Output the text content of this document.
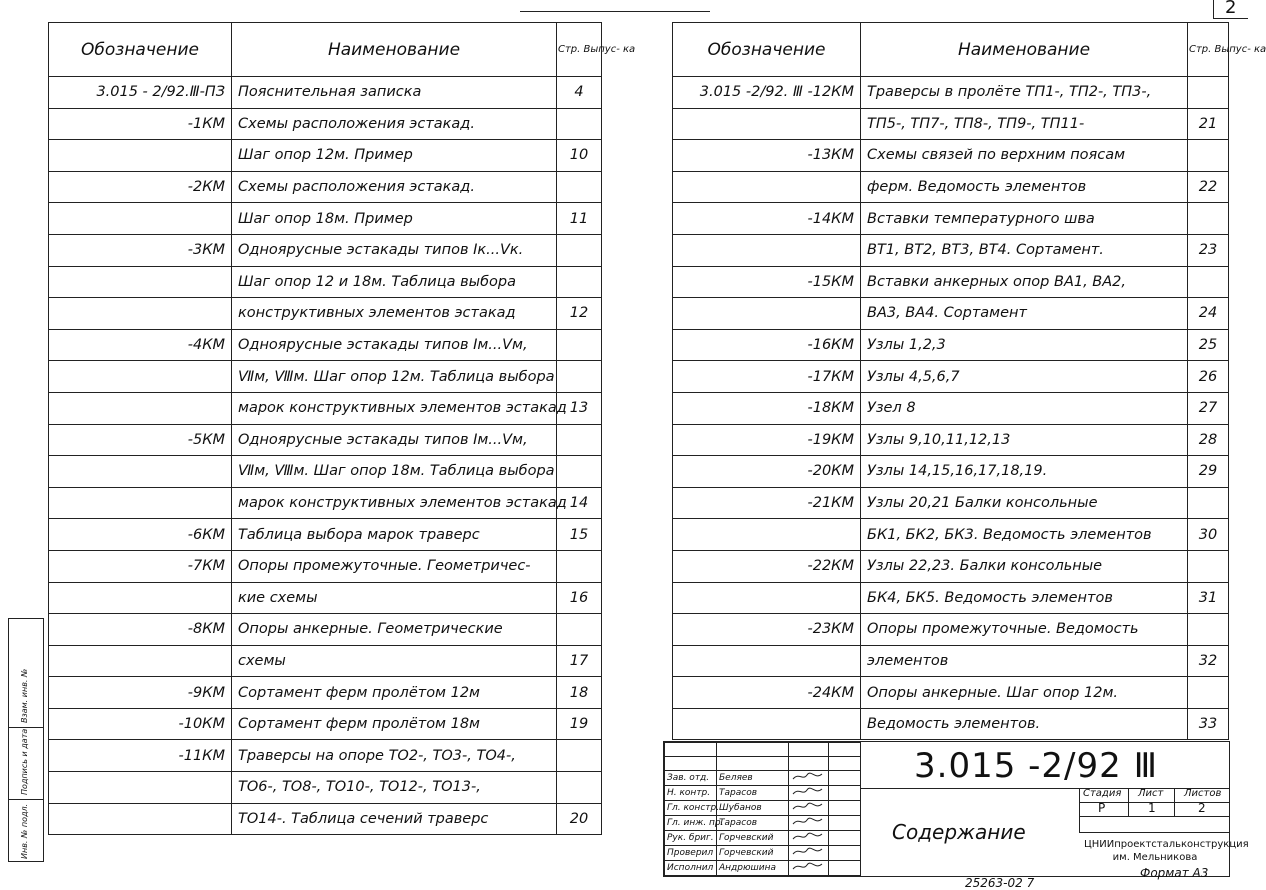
2
Обозначение	Наименование	Стр. Выпус- ка
3.015 - 2/92.Ⅲ-ПЗ	Пояснительная записка	4
-1КМ	Схемы расположения эстакад.	
	Шаг опор 12м. Пример	10
-2КМ	Схемы расположения эстакад.	
	Шаг опор 18м. Пример	11
-3КМ	Одноярусные эстакады типов Ӏк...Ⅴк.	
	Шаг опор 12 и 18м. Таблица выбора	
	конструктивных элементов эстакад	12
-4КМ	Одноярусные эстакады типов Ӏм...Ⅴм,	
	Ⅶм, Ⅷм. Шаг опор 12м. Таблица выбора	
	марок конструктивных элементов эстакад	13
-5КМ	Одноярусные эстакады типов Ӏм...Ⅴм,	
	Ⅶм, Ⅷм. Шаг опор 18м. Таблица выбора	
	марок конструктивных элементов эстакад	14
-6КМ	Таблица выбора марок траверс	15
-7КМ	Опоры промежуточные. Геометричес-	
	кие схемы	16
-8КМ	Опоры анкерные. Геометрические	
	схемы	17
-9КМ	Сортамент ферм пролётом 12м	18
-10КМ	Сортамент ферм пролётом 18м	19
-11КМ	Траверсы на опоре ТО2-, ТО3-, ТО4-,	
	ТО6-, ТО8-, ТО10-, ТО12-, ТО13-,	
	ТО14-. Таблица сечений траверс	20
Обозначение	Наименование	Стр. Выпус- ка
3.015 -2/92. Ⅲ -12КМ	Траверсы в пролёте ТП1-, ТП2-, ТП3-,	
	ТП5-, ТП7-, ТП8-, ТП9-, ТП11-	21
-13КМ	Схемы связей по верхним поясам	
	ферм. Ведомость элементов	22
-14КМ	Вставки температурного шва	
	ВТ1, ВТ2, ВТ3, ВТ4. Сортамент.	23
-15КМ	Вставки анкерных опор ВА1, ВА2,	
	ВА3, ВА4. Сортамент	24
-16КМ	Узлы 1,2,3	25
-17КМ	Узлы 4,5,6,7	26
-18КМ	Узел 8	27
-19КМ	Узлы 9,10,11,12,13	28
-20КМ	Узлы 14,15,16,17,18,19.	29
-21КМ	Узлы 20,21 Балки консольные	
	БК1, БК2, БК3. Ведомость элементов	30
-22КМ	Узлы 22,23. Балки консольные	
	БК4, БК5. Ведомость элементов	31
-23КМ	Опоры промежуточные. Ведомость	
	элементов	32
-24КМ	Опоры анкерные. Шаг опор 12м.	
	Ведомость элементов.	33
Инв. № подл.
Подпись и дата
Взам. инв. №

Зав. отд.	Беляев		
Н. контр.	Тарасов		
Гл. констр.	Шубанов		
Гл. инж. пр.	Тарасов		
Рук. бриг.	Горчевский		
Проверил	Горчевский		
Исполнил	Андрюшина		
3.015 -2/92 Ⅲ
Содержание
Стадия Лист Листов
Р	1	2
ЦНИИпроектстальконструкция им. Мельникова
Формат А3
25263-02 7
